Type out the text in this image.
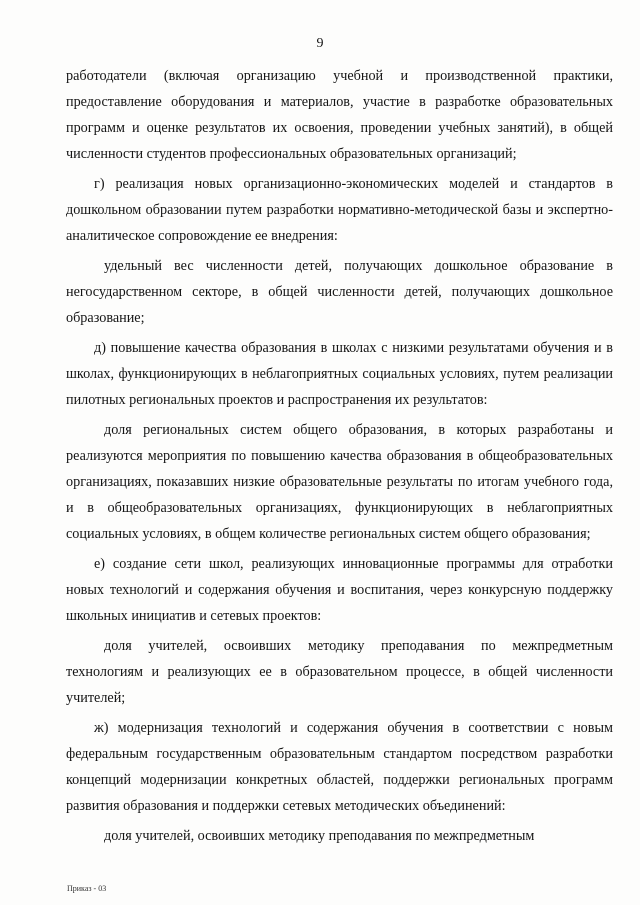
9

работодатели (включая организацию учебной и производственной практики, предоставление оборудования и материалов, участие в разработке образовательных программ и оценке результатов их освоения, проведении учебных занятий), в общей численности студентов профессиональных образовательных организаций;

г) реализация новых организационно-экономических моделей и стандартов в дошкольном образовании путем разработки нормативно-методической базы и экспертно-аналитическое сопровождение ее внедрения:

удельный вес численности детей, получающих дошкольное образование в негосударственном секторе, в общей численности детей, получающих дошкольное образование;

д) повышение качества образования в школах с низкими результатами обучения и в школах, функционирующих в неблагоприятных социальных условиях, путем реализации пилотных региональных проектов и распространения их результатов:

доля региональных систем общего образования, в которых разработаны и реализуются мероприятия по повышению качества образования в общеобразовательных организациях, показавших низкие образовательные результаты по итогам учебного года, и в общеобразовательных организациях, функционирующих в неблагоприятных социальных условиях, в общем количестве региональных систем общего образования;

е) создание сети школ, реализующих инновационные программы для отработки новых технологий и содержания обучения и воспитания, через конкурсную поддержку школьных инициатив и сетевых проектов:

доля учителей, освоивших методику преподавания по межпредметным технологиям и реализующих ее в образовательном процессе, в общей численности учителей;

ж) модернизация технологий и содержания обучения в соответствии с новым федеральным государственным образовательным стандартом посредством разработки концепций модернизации конкретных областей, поддержки региональных программ развития образования и поддержки сетевых методических объединений:

доля учителей, освоивших методику преподавания по межпредметным

Приказ - 03
